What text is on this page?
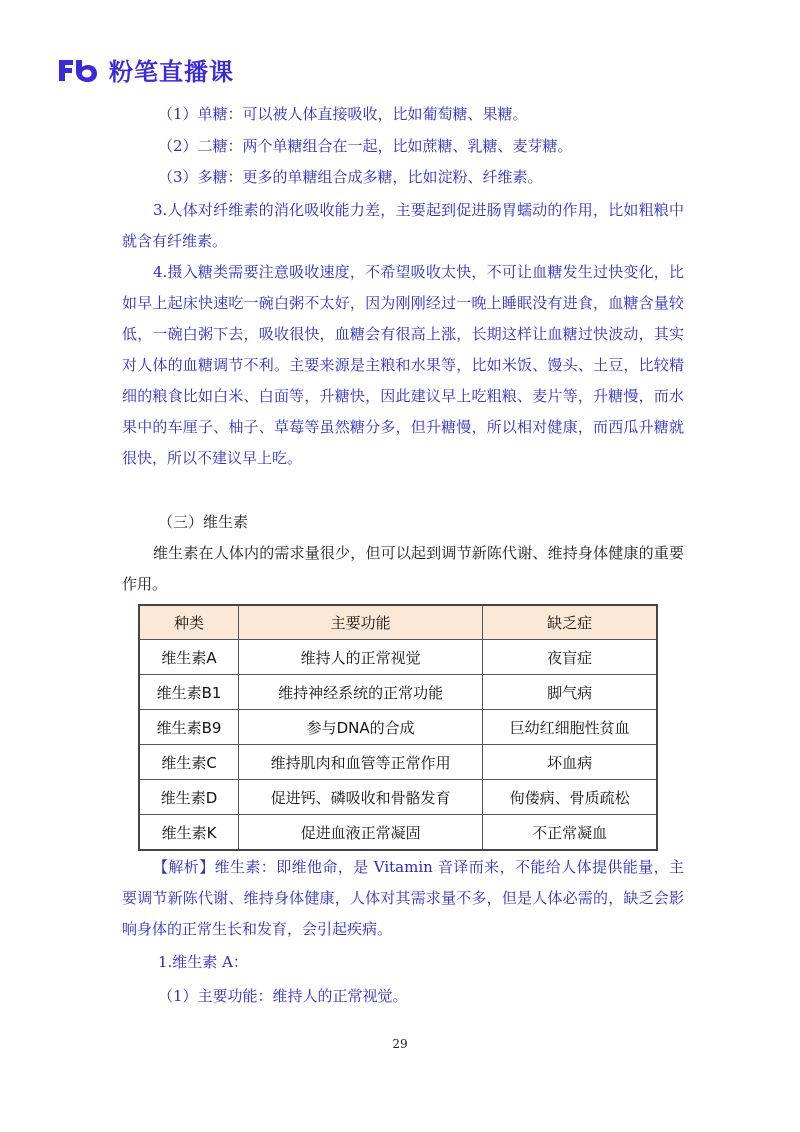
粉笔直播课

（1）单糖：可以被人体直接吸收，比如葡萄糖、果糖。

（2）二糖：两个单糖组合在一起，比如蔗糖、乳糖、麦芽糖。

（3）多糖：更多的单糖组合成多糖，比如淀粉、纤维素。

3.人体对纤维素的消化吸收能力差，主要起到促进肠胃蠕动的作用，比如粗粮中就含有纤维素。

4.摄入糖类需要注意吸收速度，不希望吸收太快，不可让血糖发生过快变化，比如早上起床快速吃一碗白粥不太好，因为刚刚经过一晚上睡眠没有进食，血糖含量较低，一碗白粥下去，吸收很快，血糖会有很高上涨，长期这样让血糖过快波动，其实对人体的血糖调节不利。主要来源是主粮和水果等，比如米饭、馒头、土豆，比较精细的粮食比如白米、白面等，升糖快，因此建议早上吃粗粮、麦片等，升糖慢，而水果中的车厘子、柚子、草莓等虽然糖分多，但升糖慢，所以相对健康，而西瓜升糖就很快，所以不建议早上吃。

（三）维生素

维生素在人体内的需求量很少，但可以起到调节新陈代谢、维持身体健康的重要作用。

种类	主要功能	缺乏症
维生素A	维持人的正常视觉	夜盲症
维生素B1	维持神经系统的正常功能	脚气病
维生素B9	参与DNA的合成	巨幼红细胞性贫血
维生素C	维持肌肉和血管等正常作用	坏血病
维生素D	促进钙、磷吸收和骨骼发育	佝偻病、骨质疏松
维生素K	促进血液正常凝固	不正常凝血

【解析】维生素：即维他命，是 Vitamin 音译而来，不能给人体提供能量，主要调节新陈代谢、维持身体健康，人体对其需求量不多，但是人体必需的，缺乏会影响身体的正常生长和发育，会引起疾病。

1.维生素 A：

（1）主要功能：维持人的正常视觉。

29
